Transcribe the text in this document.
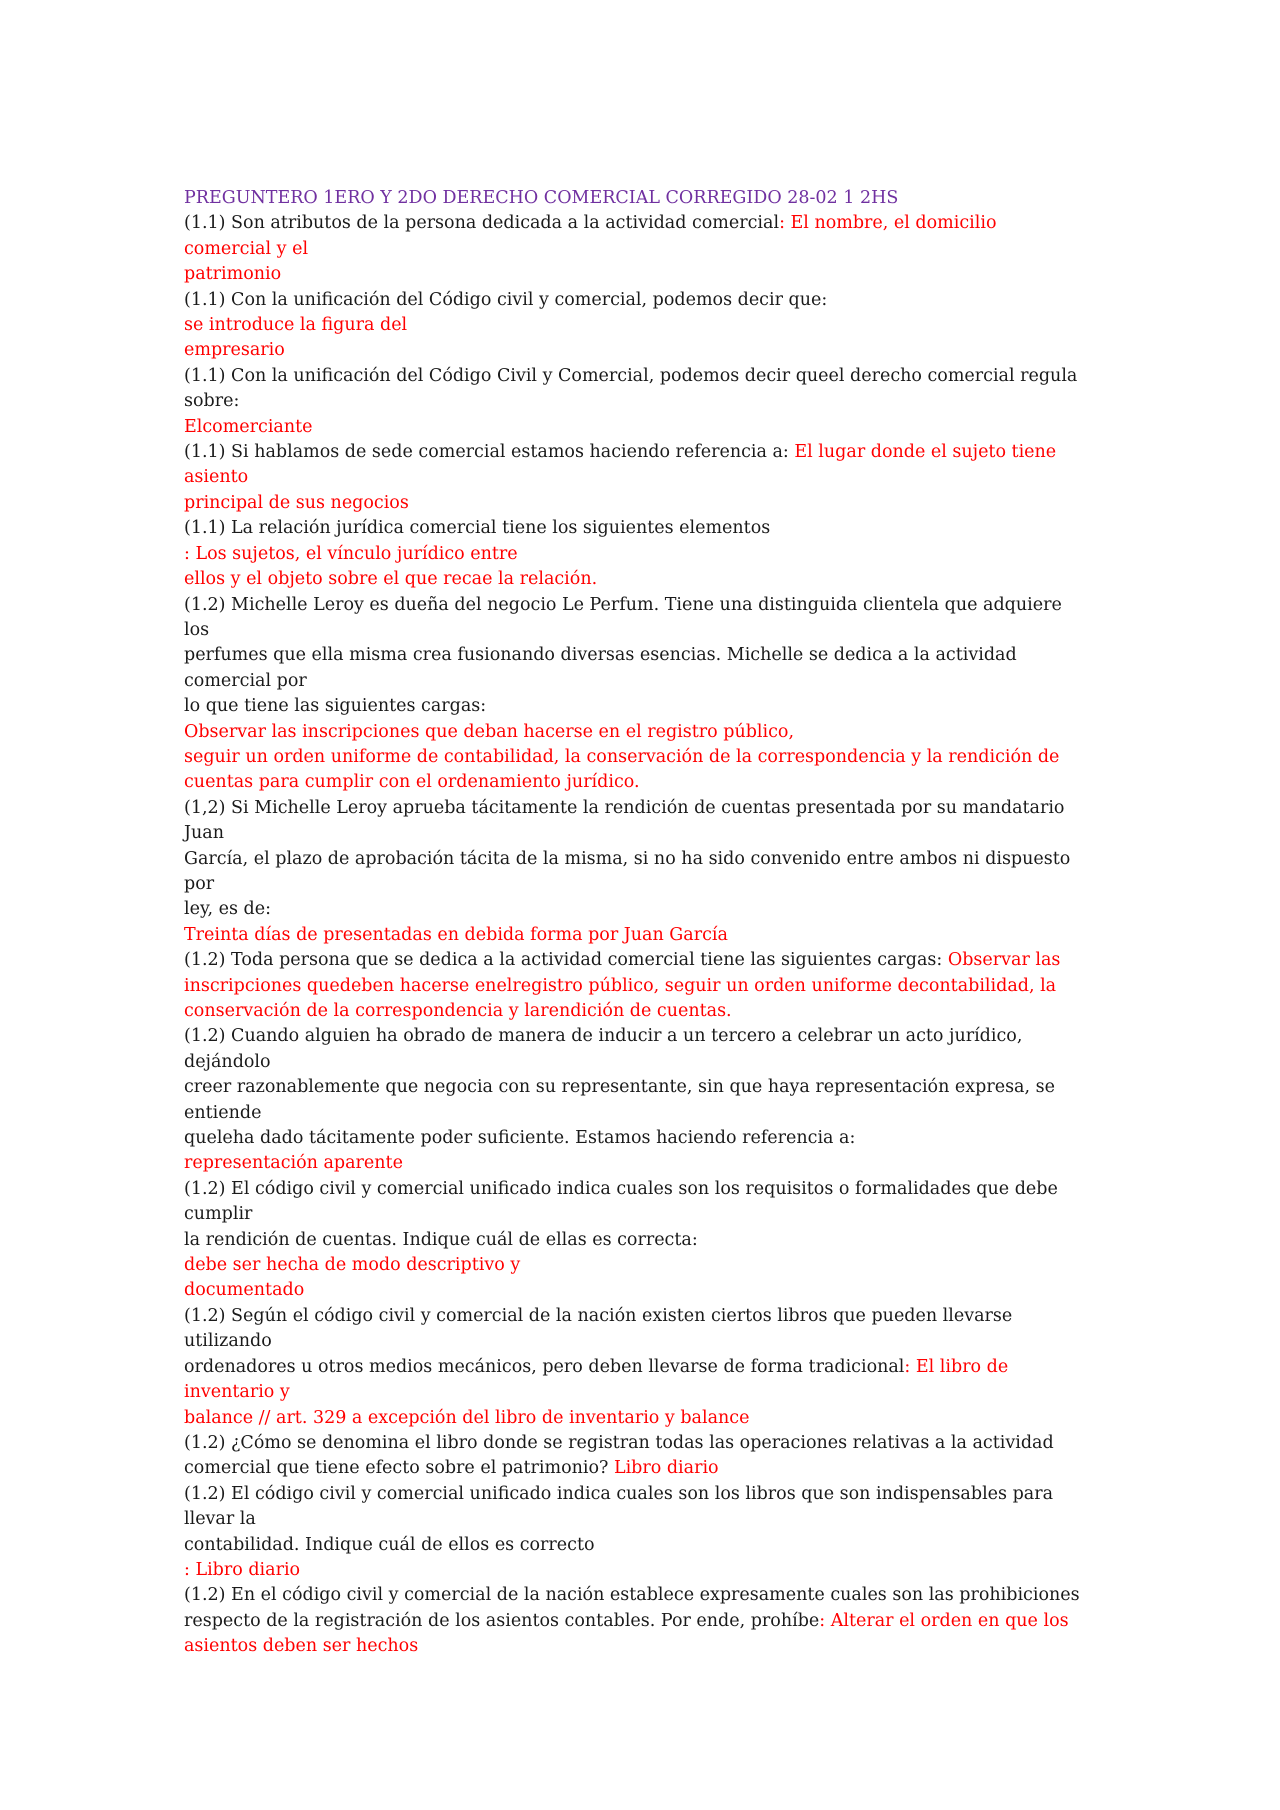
PREGUNTERO 1ERO Y 2DO DERECHO COMERCIAL CORREGIDO 28-02 1 2HS
(1.1) Son atributos de la persona dedicada a la actividad comercial: El nombre, el domicilio
comercial y el
patrimonio
(1.1) Con la unificación del Código civil y comercial, podemos decir que:
se introduce la figura del
empresario
(1.1) Con la unificación del Código Civil y Comercial, podemos decir queel derecho comercial regula
sobre:
Elcomerciante
(1.1) Si hablamos de sede comercial estamos haciendo referencia a: El lugar donde el sujeto tiene
asiento
principal de sus negocios
(1.1) La relación jurídica comercial tiene los siguientes elementos
: Los sujetos, el vínculo jurídico entre
ellos y el objeto sobre el que recae la relación.
(1.2) Michelle Leroy es dueña del negocio Le Perfum. Tiene una distinguida clientela que adquiere
los
perfumes que ella misma crea fusionando diversas esencias. Michelle se dedica a la actividad
comercial por
lo que tiene las siguientes cargas:
Observar las inscripciones que deban hacerse en el registro público,
seguir un orden uniforme de contabilidad, la conservación de la correspondencia y la rendición de
cuentas para cumplir con el ordenamiento jurídico.
(1,2) Si Michelle Leroy aprueba tácitamente la rendición de cuentas presentada por su mandatario
Juan
García, el plazo de aprobación tácita de la misma, si no ha sido convenido entre ambos ni dispuesto
por
ley, es de:
Treinta días de presentadas en debida forma por Juan García
(1.2) Toda persona que se dedica a la actividad comercial tiene las siguientes cargas: Observar las
inscripciones quedeben hacerse enelregistro público, seguir un orden uniforme decontabilidad, la
conservación de la correspondencia y larendición de cuentas.
(1.2) Cuando alguien ha obrado de manera de inducir a un tercero a celebrar un acto jurídico,
dejándolo
creer razonablemente que negocia con su representante, sin que haya representación expresa, se
entiende
queleha dado tácitamente poder suficiente. Estamos haciendo referencia a:
representación aparente
(1.2) El código civil y comercial unificado indica cuales son los requisitos o formalidades que debe
cumplir
la rendición de cuentas. Indique cuál de ellas es correcta:
debe ser hecha de modo descriptivo y
documentado
(1.2) Según el código civil y comercial de la nación existen ciertos libros que pueden llevarse
utilizando
ordenadores u otros medios mecánicos, pero deben llevarse de forma tradicional: El libro de
inventario y
balance // art. 329 a excepción del libro de inventario y balance
(1.2) ¿Cómo se denomina el libro donde se registran todas las operaciones relativas a la actividad
comercial que tiene efecto sobre el patrimonio? Libro diario
(1.2) El código civil y comercial unificado indica cuales son los libros que son indispensables para
llevar la
contabilidad. Indique cuál de ellos es correcto
: Libro diario
(1.2) En el código civil y comercial de la nación establece expresamente cuales son las prohibiciones
respecto de la registración de los asientos contables. Por ende, prohíbe: Alterar el orden en que los
asientos deben ser hechos
